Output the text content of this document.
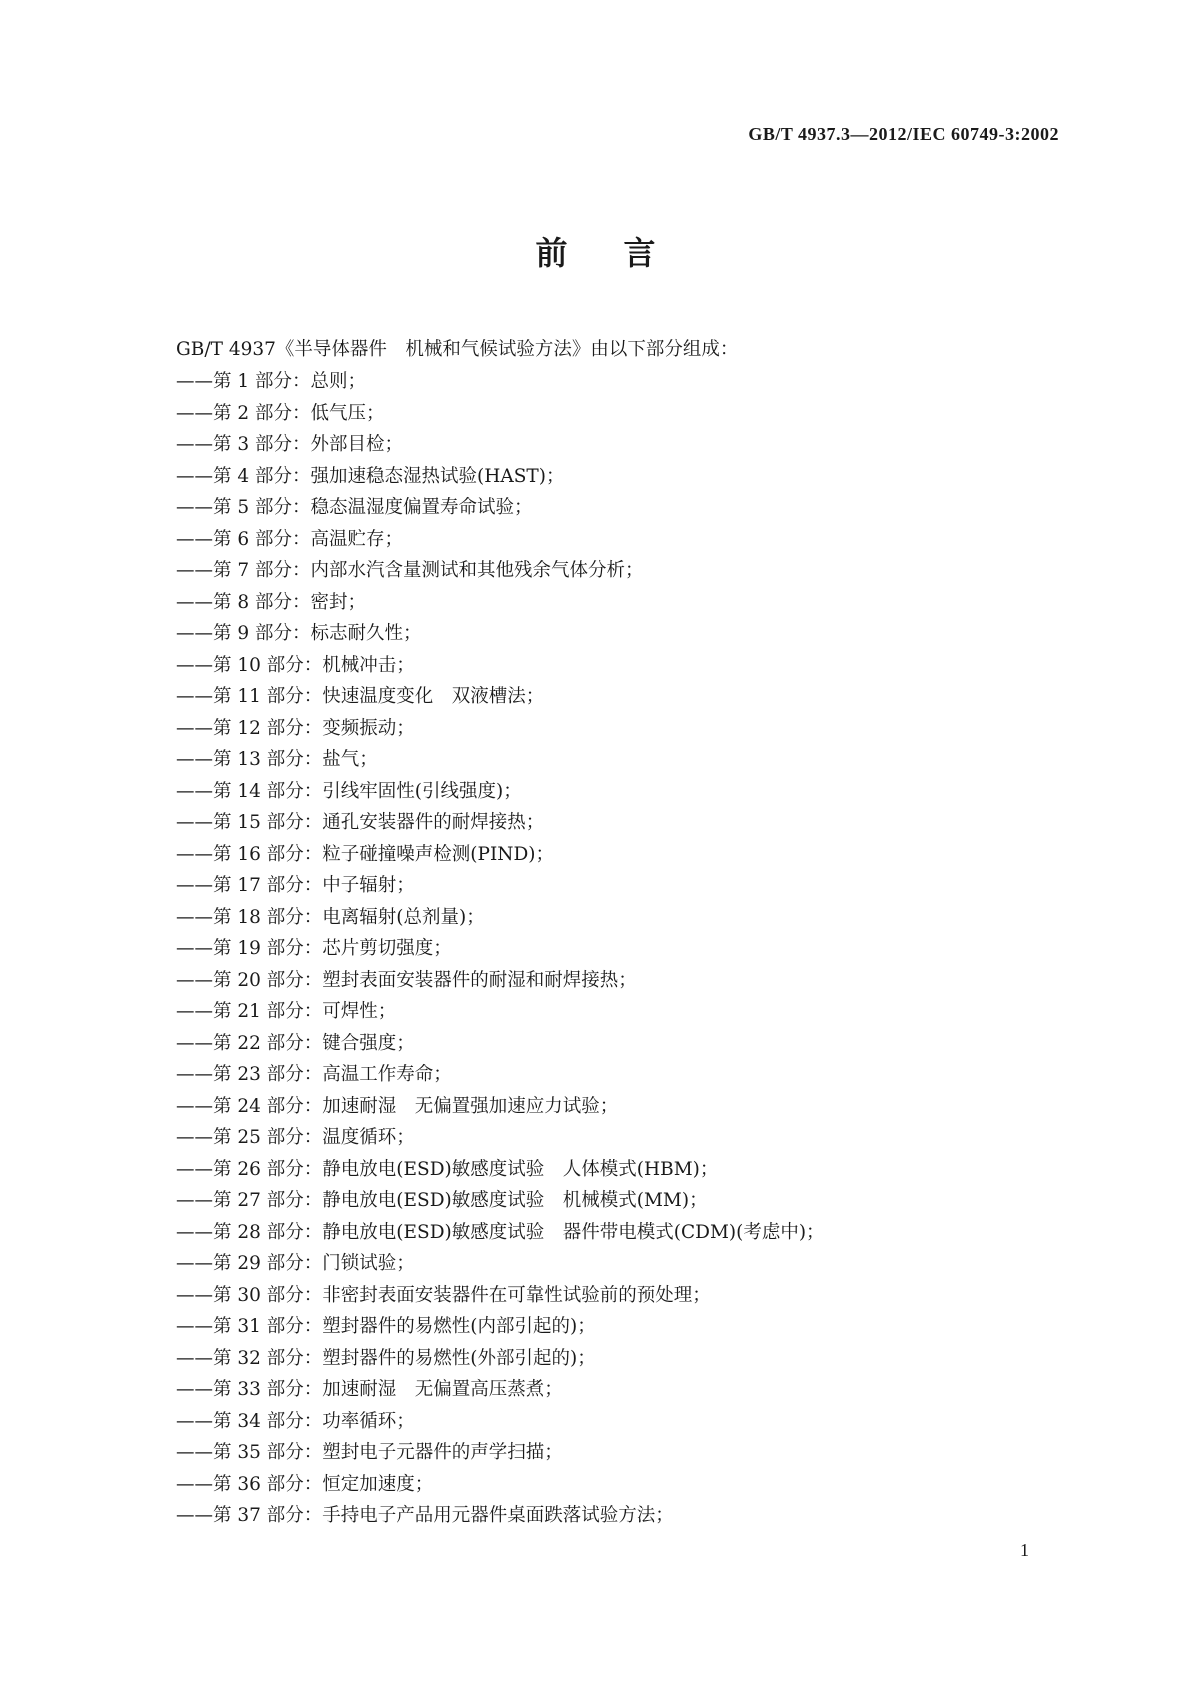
GB/T 4937.3—2012/IEC 60749-3:2002
前言
GB/T 4937《半导体器件　机械和气候试验方法》由以下部分组成：
——第 1 部分：总则；
——第 2 部分：低气压；
——第 3 部分：外部目检；
——第 4 部分：强加速稳态湿热试验(HAST)；
——第 5 部分：稳态温湿度偏置寿命试验；
——第 6 部分：高温贮存；
——第 7 部分：内部水汽含量测试和其他残余气体分析；
——第 8 部分：密封；
——第 9 部分：标志耐久性；
——第 10 部分：机械冲击；
——第 11 部分：快速温度变化　双液槽法；
——第 12 部分：变频振动；
——第 13 部分：盐气；
——第 14 部分：引线牢固性(引线强度)；
——第 15 部分：通孔安装器件的耐焊接热；
——第 16 部分：粒子碰撞噪声检测(PIND)；
——第 17 部分：中子辐射；
——第 18 部分：电离辐射(总剂量)；
——第 19 部分：芯片剪切强度；
——第 20 部分：塑封表面安装器件的耐湿和耐焊接热；
——第 21 部分：可焊性；
——第 22 部分：键合强度；
——第 23 部分：高温工作寿命；
——第 24 部分：加速耐湿　无偏置强加速应力试验；
——第 25 部分：温度循环；
——第 26 部分：静电放电(ESD)敏感度试验　人体模式(HBM)；
——第 27 部分：静电放电(ESD)敏感度试验　机械模式(MM)；
——第 28 部分：静电放电(ESD)敏感度试验　器件带电模式(CDM)(考虑中)；
——第 29 部分：门锁试验；
——第 30 部分：非密封表面安装器件在可靠性试验前的预处理；
——第 31 部分：塑封器件的易燃性(内部引起的)；
——第 32 部分：塑封器件的易燃性(外部引起的)；
——第 33 部分：加速耐湿　无偏置高压蒸煮；
——第 34 部分：功率循环；
——第 35 部分：塑封电子元器件的声学扫描；
——第 36 部分：恒定加速度；
——第 37 部分：手持电子产品用元器件桌面跌落试验方法；
1
